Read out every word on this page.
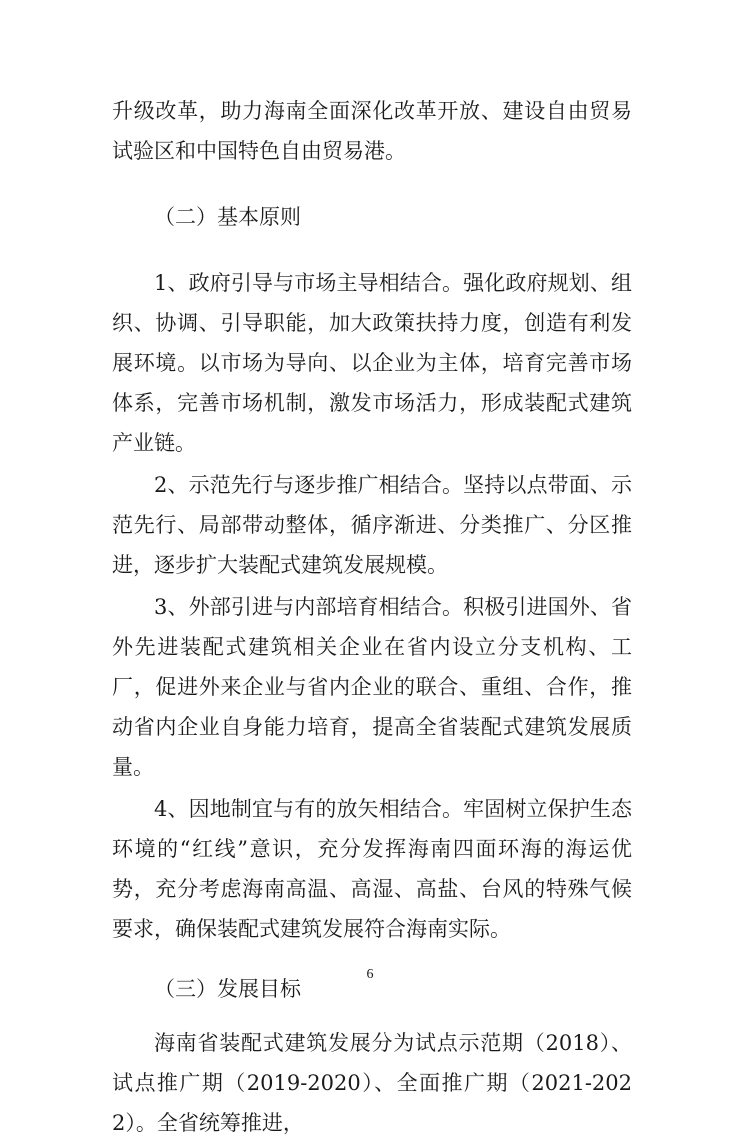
升级改革，助力海南全面深化改革开放、建设自由贸易试验区和中国特色自由贸易港。

（二）基本原则

1、政府引导与市场主导相结合。强化政府规划、组织、协调、引导职能，加大政策扶持力度，创造有利发展环境。以市场为导向、以企业为主体，培育完善市场体系，完善市场机制，激发市场活力，形成装配式建筑产业链。

2、示范先行与逐步推广相结合。坚持以点带面、示范先行、局部带动整体，循序渐进、分类推广、分区推进，逐步扩大装配式建筑发展规模。

3、外部引进与内部培育相结合。积极引进国外、省外先进装配式建筑相关企业在省内设立分支机构、工厂，促进外来企业与省内企业的联合、重组、合作，推动省内企业自身能力培育，提高全省装配式建筑发展质量。

4、因地制宜与有的放矢相结合。牢固树立保护生态环境的“红线”意识，充分发挥海南四面环海的海运优势，充分考虑海南高温、高湿、高盐、台风的特殊气候要求，确保装配式建筑发展符合海南实际。

（三）发展目标

海南省装配式建筑发展分为试点示范期（2018）、试点推广期（2019-2020）、全面推广期（2021-2022）。全省统筹推进，

6
